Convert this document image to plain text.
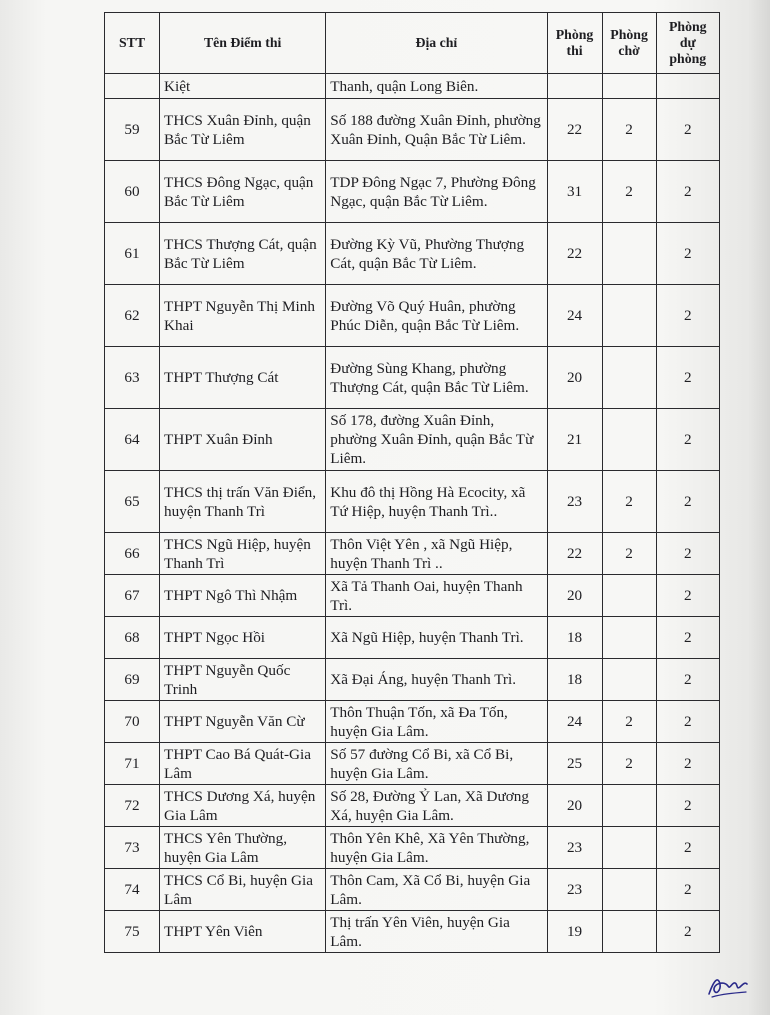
STT	Tên Điểm thi	Địa chỉ	Phòng thi	Phòng chờ	Phòng dự phòng
	Kiệt	Thanh, quận Long Biên.			
59	THCS Xuân Đỉnh, quận Bắc Từ Liêm	Số 188 đường Xuân Đỉnh, phường Xuân Đỉnh, Quận Bắc Từ Liêm.	22	2	2
60	THCS Đông Ngạc, quận Bắc Từ Liêm	TDP Đông Ngạc 7, Phường Đông Ngạc, quận Bắc Từ Liêm.	31	2	2
61	THCS Thượng Cát, quận Bắc Từ Liêm	Đường Kỳ Vũ, Phường Thượng Cát, quận Bắc Từ Liêm.	22		2
62	THPT Nguyễn Thị Minh Khai	Đường Võ Quý Huân, phường Phúc Diễn, quận Bắc Từ Liêm.	24		2
63	THPT Thượng Cát	Đường Sùng Khang, phường Thượng Cát, quận Bắc Từ Liêm.	20		2
64	THPT Xuân Đỉnh	Số 178, đường Xuân Đỉnh, phường Xuân Đỉnh, quận Bắc Từ Liêm.	21		2
65	THCS thị trấn Văn Điển, huyện Thanh Trì	Khu đô thị Hồng Hà Ecocity, xã Tứ Hiệp, huyện Thanh Trì..	23	2	2
66	THCS Ngũ Hiệp, huyện Thanh Trì	Thôn Việt Yên , xã Ngũ Hiệp, huyện Thanh Trì ..	22	2	2
67	THPT Ngô Thì Nhậm	Xã Tả Thanh Oai, huyện Thanh Trì.	20		2
68	THPT Ngọc Hồi	Xã Ngũ Hiệp, huyện Thanh Trì.	18		2
69	THPT Nguyễn Quốc Trinh	Xã Đại Áng, huyện Thanh Trì.	18		2
70	THPT Nguyễn Văn Cừ	Thôn Thuận Tốn, xã Đa Tốn, huyện Gia Lâm.	24	2	2
71	THPT Cao Bá Quát-Gia Lâm	Số 57 đường Cổ Bi, xã Cổ Bi, huyện Gia Lâm.	25	2	2
72	THCS Dương Xá, huyện Gia Lâm	Số 28, Đường Ỷ Lan, Xã Dương Xá, huyện Gia Lâm.	20		2
73	THCS Yên Thường, huyện Gia Lâm	Thôn Yên Khê, Xã Yên Thường, huyện Gia Lâm.	23		2
74	THCS Cổ Bi, huyện Gia Lâm	Thôn Cam, Xã Cổ Bi, huyện Gia Lâm.	23		2
75	THPT Yên Viên	Thị trấn Yên Viên, huyện Gia Lâm.	19		2
